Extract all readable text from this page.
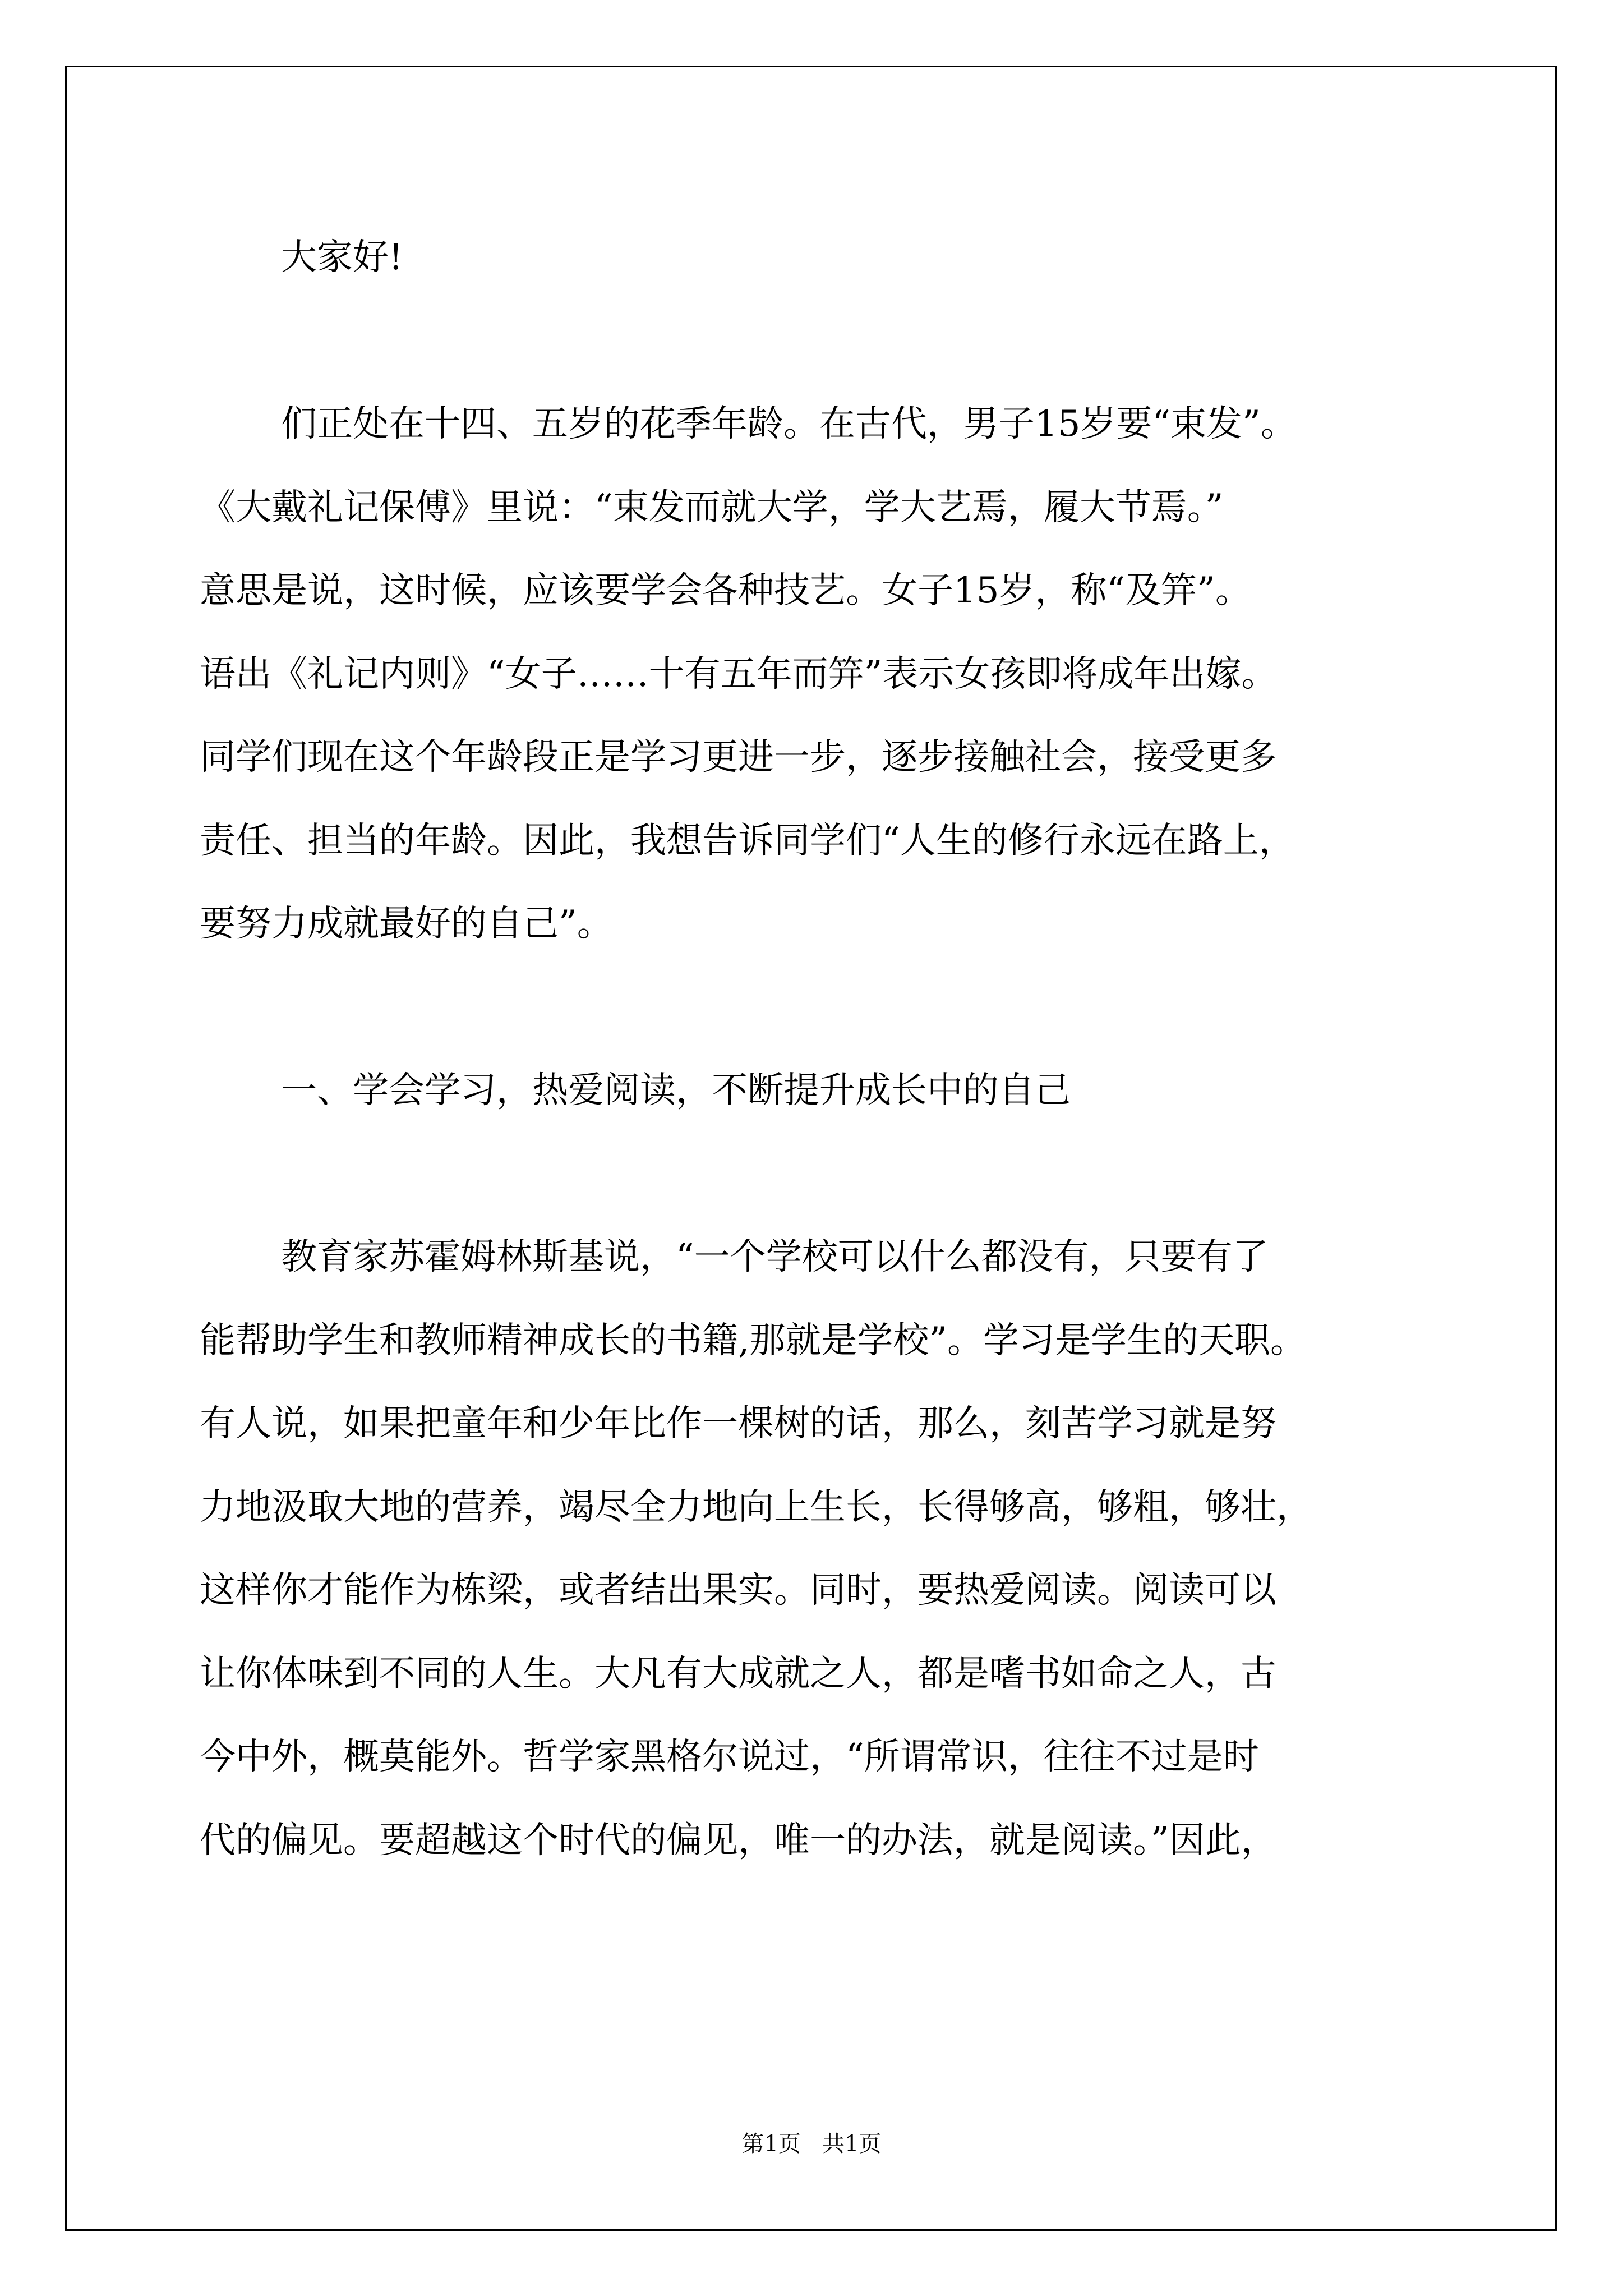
大家好!
们正处在十四、五岁的花季年龄。在古代，男子15岁要“束发”。
《大戴礼记保傅》里说：“束发而就大学，学大艺焉，履大节焉。”
意思是说，这时候，应该要学会各种技艺。女子15岁，称“及笄”。
语出《礼记内则》“女子……十有五年而笄”表示女孩即将成年出嫁。
同学们现在这个年龄段正是学习更进一步，逐步接触社会，接受更多
责任、担当的年龄。因此，我想告诉同学们“人生的修行永远在路上，
要努力成就最好的自己”。
一、学会学习，热爱阅读，不断提升成长中的自己
教育家苏霍姆林斯基说，“一个学校可以什么都没有，只要有了
能帮助学生和教师精神成长的书籍,那就是学校”。学习是学生的天职。
有人说，如果把童年和少年比作一棵树的话，那么，刻苦学习就是努
力地汲取大地的营养，竭尽全力地向上生长，长得够高，够粗，够壮，
这样你才能作为栋梁，或者结出果实。同时，要热爱阅读。阅读可以
让你体味到不同的人生。大凡有大成就之人，都是嗜书如命之人，古
今中外，概莫能外。哲学家黑格尔说过，“所谓常识，往往不过是时
代的偏见。要超越这个时代的偏见，唯一的办法，就是阅读。”因此，
第1页   共1页
